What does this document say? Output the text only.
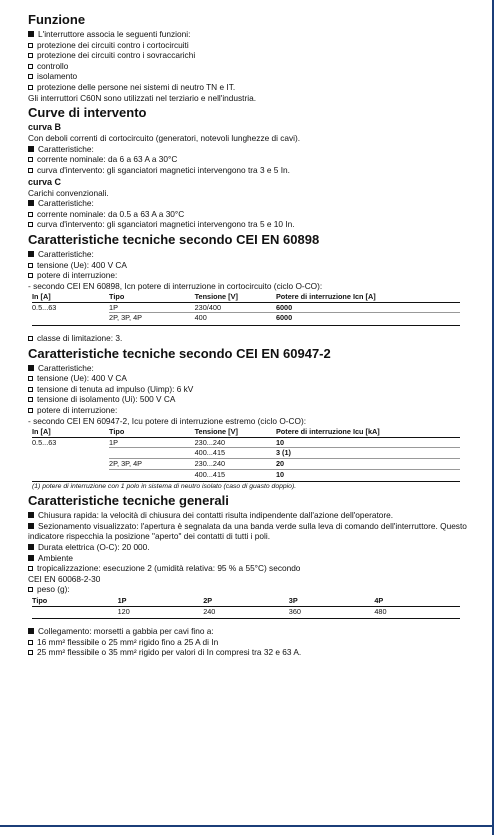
Funzione

L'interruttore associa le seguenti funzioni:

protezione dei circuiti contro i cortocircuiti

protezione dei circuiti contro i sovraccarichi

controllo

isolamento

protezione delle persone nei sistemi di neutro TN e IT.

Gli interruttori C60N sono utilizzati nel terziario e nell'industria.

Curve di intervento
curva B

Con deboli correnti di cortocircuito (generatori, notevoli lunghezze di cavi).

Caratteristiche:

corrente nominale: da 6 a 63 A a 30°C

curva d'intervento: gli sganciatori magnetici intervengono tra 3 e 5 In.

curva C

Carichi convenzionali.

Caratteristiche:

corrente nominale: da 0.5 a 63 A a 30°C

curva d'intervento: gli sganciatori magnetici intervengono tra 5 e 10 In.

Caratteristiche tecniche secondo CEI EN 60898

Caratteristiche:

tensione (Ue): 400 V CA

potere di interruzione:

- secondo CEI EN 60898, Icn potere di interruzione in cortocircuito (ciclo O-CO):

In [A]	Tipo	Tensione [V]	Potere di interruzione Icn [A]
0.5...63	1P	230/400	6000
	2P, 3P, 4P	400	6000

classe di limitazione: 3.

Caratteristiche tecniche secondo CEI EN 60947-2

Caratteristiche:

tensione (Ue): 400 V CA

tensione di tenuta ad impulso (Uimp): 6 kV

tensione di isolamento (Ui): 500 V CA

potere di interruzione:

- secondo CEI EN 60947-2, Icu potere di interruzione estremo (ciclo O-CO):

In [A]	Tipo	Tensione [V]	Potere di interruzione Icu [kA]
0.5...63	1P	230...240	10
		400...415	3 (1)
	2P, 3P, 4P	230...240	20
		400...415	10
(1) potere di interruzione con 1 polo in sistema di neutro isolato (caso di guasto doppio).
Caratteristiche tecniche generali

Chiusura rapida: la velocità di chiusura dei contatti risulta indipendente dall'azione dell'operatore.

Sezionamento visualizzato: l'apertura è segnalata da una banda verde sulla leva di comando dell'interruttore. Questo indicatore rispecchia la posizione "aperto" dei contatti di tutti i poli.

Durata elettrica (O-C): 20 000.

Ambiente

tropicalizzazione: esecuzione 2 (umidità relativa: 95 % a 55°C) secondo

CEI EN 60068-2-30

peso (g):

Tipo	1P	2P	3P	4P
	120	240	360	480

Collegamento: morsetti a gabbia per cavi fino a:

16 mm² flessibile o 25 mm² rigido fino a 25 A di In

25 mm² flessibile o 35 mm² rigido per valori di In compresi tra 32 e 63 A.
